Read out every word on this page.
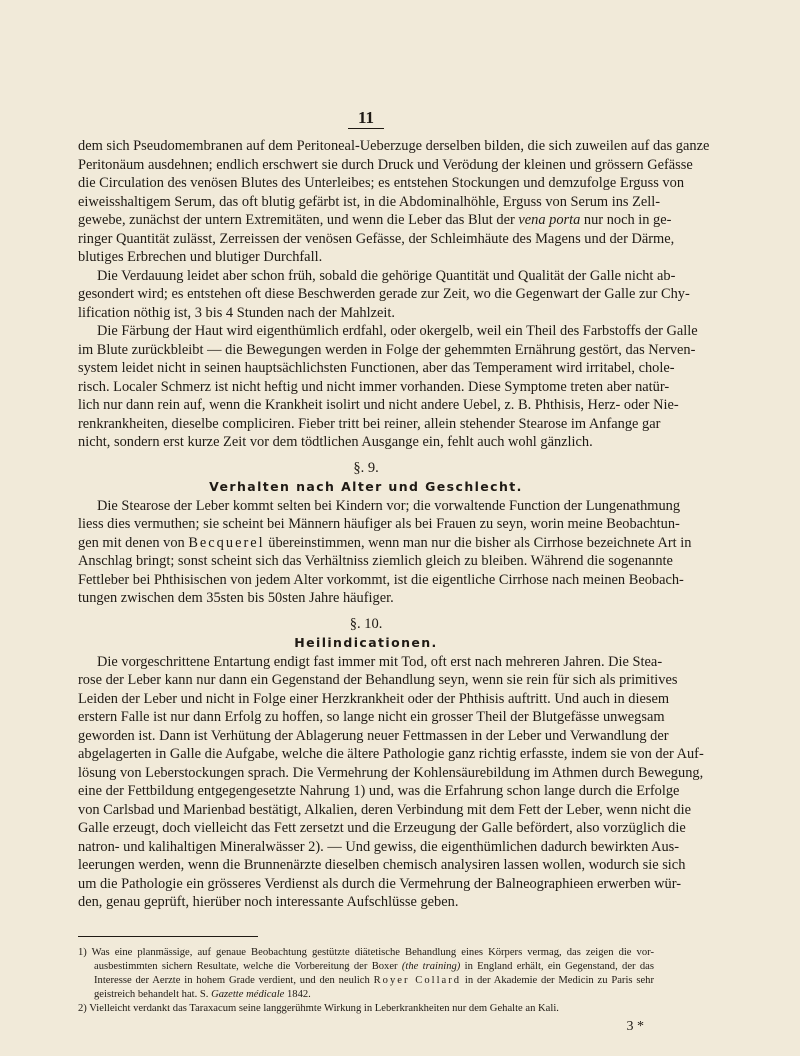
11
dem sich Pseudomembranen auf dem Peritoneal-Ueberzuge derselben bilden, die sich zuweilen auf das ganze
Peritonäum ausdehnen; endlich erschwert sie durch Druck und Verödung der kleinen und grössern Gefässe
die Circulation des venösen Blutes des Unterleibes; es entstehen Stockungen und demzufolge Erguss von
eiweisshaltigem Serum, das oft blutig gefärbt ist, in die Abdominalhöhle, Erguss von Serum ins Zell-
gewebe, zunächst der untern Extremitäten, und wenn die Leber das Blut der vena porta nur noch in ge-
ringer Quantität zulässt, Zerreissen der venösen Gefässe, der Schleimhäute des Magens und der Därme,
blutiges Erbrechen und blutiger Durchfall.
Die Verdauung leidet aber schon früh, sobald die gehörige Quantität und Qualität der Galle nicht ab-
gesondert wird; es entstehen oft diese Beschwerden gerade zur Zeit, wo die Gegenwart der Galle zur Chy-
lification nöthig ist, 3 bis 4 Stunden nach der Mahlzeit.
Die Färbung der Haut wird eigenthümlich erdfahl, oder okergelb, weil ein Theil des Farbstoffs der Galle
im Blute zurückbleibt — die Bewegungen werden in Folge der gehemmten Ernährung gestört, das Nerven-
system leidet nicht in seinen hauptsächlichsten Functionen, aber das Temperament wird irritabel, chole-
risch. Localer Schmerz ist nicht heftig und nicht immer vorhanden. Diese Symptome treten aber natür-
lich nur dann rein auf, wenn die Krankheit isolirt und nicht andere Uebel, z. B. Phthisis, Herz- oder Nie-
renkrankheiten, dieselbe compliciren. Fieber tritt bei reiner, allein stehender Stearose im Anfange gar
nicht, sondern erst kurze Zeit vor dem tödtlichen Ausgange ein, fehlt auch wohl gänzlich.
§. 9.
Verhalten nach Alter und Geschlecht.
Die Stearose der Leber kommt selten bei Kindern vor; die vorwaltende Function der Lungenathmung
liess dies vermuthen; sie scheint bei Männern häufiger als bei Frauen zu seyn, worin meine Beobachtun-
gen mit denen von Becquerel übereinstimmen, wenn man nur die bisher als Cirrhose bezeichnete Art in
Anschlag bringt; sonst scheint sich das Verhältniss ziemlich gleich zu bleiben. Während die sogenannte
Fettleber bei Phthisischen von jedem Alter vorkommt, ist die eigentliche Cirrhose nach meinen Beobach-
tungen zwischen dem 35sten bis 50sten Jahre häufiger.
§. 10.
Heilindicationen.
Die vorgeschrittene Entartung endigt fast immer mit Tod, oft erst nach mehreren Jahren. Die Stea-
rose der Leber kann nur dann ein Gegenstand der Behandlung seyn, wenn sie rein für sich als primitives
Leiden der Leber und nicht in Folge einer Herzkrankheit oder der Phthisis auftritt. Und auch in diesem
erstern Falle ist nur dann Erfolg zu hoffen, so lange nicht ein grosser Theil der Blutgefässe unwegsam
geworden ist. Dann ist Verhütung der Ablagerung neuer Fettmassen in der Leber und Verwandlung der
abgelagerten in Galle die Aufgabe, welche die ältere Pathologie ganz richtig erfasste, indem sie von der Auf-
lösung von Leberstockungen sprach. Die Vermehrung der Kohlensäurebildung im Athmen durch Bewegung,
eine der Fettbildung entgegengesetzte Nahrung 1) und, was die Erfahrung schon lange durch die Erfolge
von Carlsbad und Marienbad bestätigt, Alkalien, deren Verbindung mit dem Fett der Leber, wenn nicht die
Galle erzeugt, doch vielleicht das Fett zersetzt und die Erzeugung der Galle befördert, also vorzüglich die
natron- und kalihaltigen Mineralwässer 2). — Und gewiss, die eigenthümlichen dadurch bewirkten Aus-
leerungen werden, wenn die Brunnenärzte dieselben chemisch analysiren lassen wollen, wodurch sie sich
um die Pathologie ein grösseres Verdienst als durch die Vermehrung der Balneographieen erwerben wür-
den, genau geprüft, hierüber noch interessante Aufschlüsse geben.

1) Was eine planmässige, auf genaue Beobachtung gestützte diätetische Behandlung eines Körpers vermag, das zeigen die vor- ausbestimmten sichern Resultate, welche die Vorbereitung der Boxer (the training) in England erhält, ein Gegenstand, der das Interesse der Aerzte in hohem Grade verdient, und den neulich Royer Collard in der Akademie der Medicin zu Paris sehr geistreich behandelt hat. S. Gazette médicale 1842.

2) Vielleicht verdankt das Taraxacum seine langgerühmte Wirkung in Leberkrankheiten nur dem Gehalte an Kali.

3 *
